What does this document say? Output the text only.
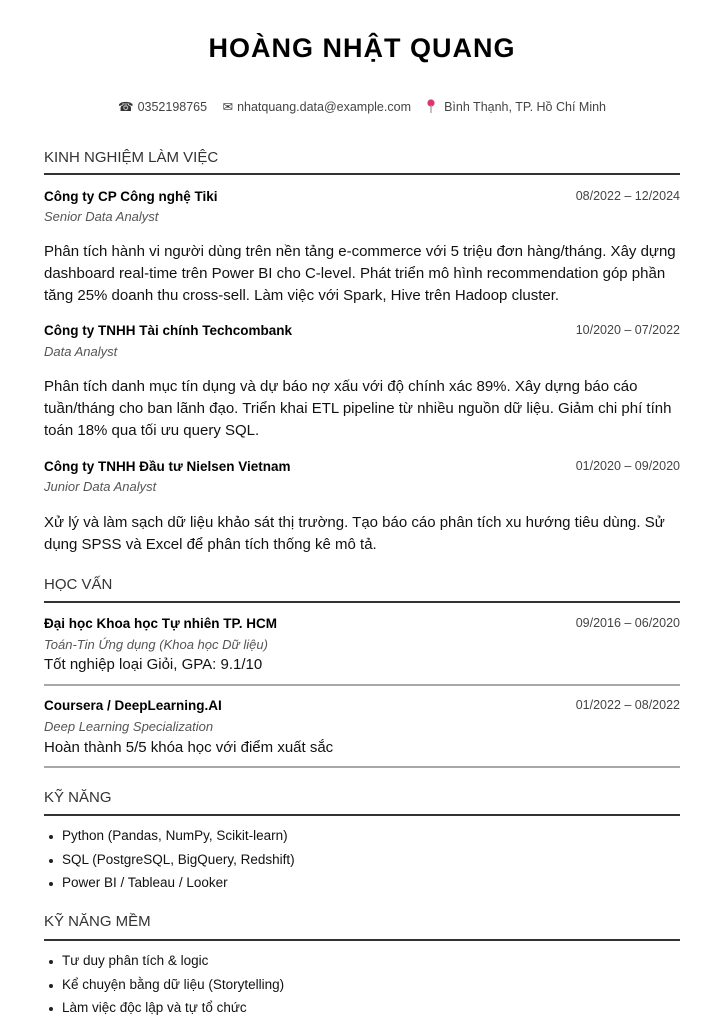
HOÀNG NHẬT QUANG
☎ 0352198765 ✉ nhatquang.data@example.com	Bình Thạnh, TP. Hồ Chí Minh
KINH NGHIỆM LÀM VIỆC
Công ty CP Công nghệ Tiki	08/2022 – 12/2024
Senior Data Analyst
Phân tích hành vi người dùng trên nền tảng e-commerce với 5 triệu đơn hàng/tháng. Xây dựng dashboard real-time trên Power BI cho C-level. Phát triển mô hình recommendation góp phần tăng 25% doanh thu cross-sell. Làm việc với Spark, Hive trên Hadoop cluster.
Công ty TNHH Tài chính Techcombank	10/2020 – 07/2022
Data Analyst
Phân tích danh mục tín dụng và dự báo nợ xấu với độ chính xác 89%. Xây dựng báo cáo tuần/tháng cho ban lãnh đạo. Triển khai ETL pipeline từ nhiều nguồn dữ liệu. Giảm chi phí tính toán 18% qua tối ưu query SQL.
Công ty TNHH Đầu tư Nielsen Vietnam	01/2020 – 09/2020
Junior Data Analyst
Xử lý và làm sạch dữ liệu khảo sát thị trường. Tạo báo cáo phân tích xu hướng tiêu dùng. Sử dụng SPSS và Excel để phân tích thống kê mô tả.
HỌC VẤN
Đại học Khoa học Tự nhiên TP. HCM	09/2016 – 06/2020
Toán-Tin Ứng dụng (Khoa học Dữ liệu)
Tốt nghiệp loại Giỏi, GPA: 9.1/10
Coursera / DeepLearning.AI	01/2022 – 08/2022
Deep Learning Specialization
Hoàn thành 5/5 khóa học với điểm xuất sắc
KỸ NĂNG
Python (Pandas, NumPy, Scikit-learn)
SQL (PostgreSQL, BigQuery, Redshift)
Power BI / Tableau / Looker
KỸ NĂNG MỀM
Tư duy phân tích & logic
Kể chuyện bằng dữ liệu (Storytelling)
Làm việc độc lập và tự tổ chức
